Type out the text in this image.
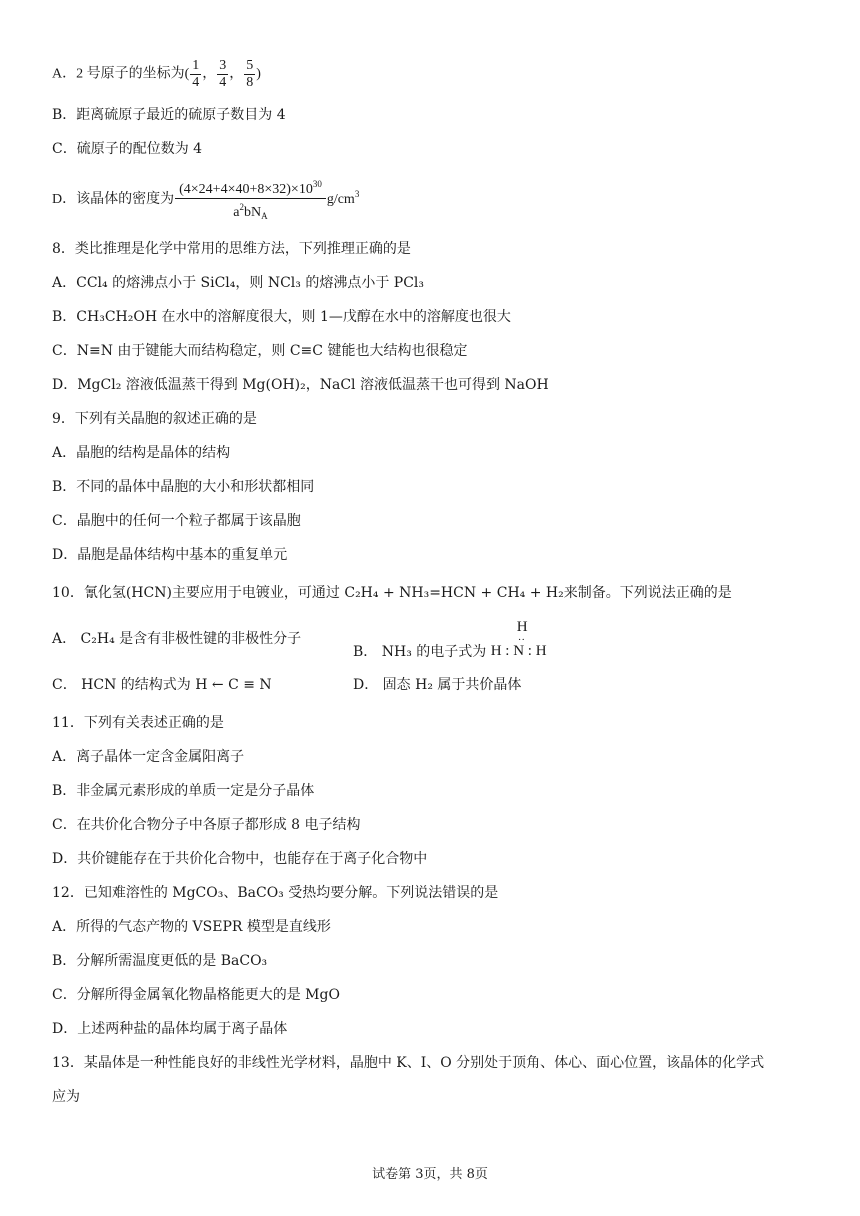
A．2 号原子的坐标为( $\frac{1}{4}$ ， $\frac{3}{4}$ ， $\frac{5}{8}$ )
B．距离硫原子最近的硫原子数目为 4
C．硫原子的配位数为 4
D．该晶体的密度为 $\frac{(4\times 24+4\times 40+8\times 32)\times 10^{30}}{a^2bN_A} g/cm^3$
8．类比推理是化学中常用的思维方法，下列推理正确的是
A．CCl₄ 的熔沸点小于 SiCl₄，则 NCl₃ 的熔沸点小于 PCl₃
B．CH₃CH₂OH 在水中的溶解度很大，则 1—戊醇在水中的溶解度也很大
C．N≡N 由于键能大而结构稳定，则 C≡C 键能也大结构也很稳定
D．MgCl₂ 溶液低温蒸干得到 Mg(OH)₂，NaCl 溶液低温蒸干也可得到 NaOH
9．下列有关晶胞的叙述正确的是
A．晶胞的结构是晶体的结构
B．不同的晶体中晶胞的大小和形状都相同
C．晶胞中的任何一个粒子都属于该晶胞
D．晶胞是晶体结构中基本的重复单元
10．氰化氢(HCN)主要应用于电镀业，可通过 C₂H₄ + NH₃=HCN + CH₄ + H₂来制备。下列说法正确的是
A． C₂H₄ 是含有非极性键的非极性分子
B． NH₃ 的电子式为
H
··
H : N : H
C． HCN 的结构式为 H ← C ≡ N	D． 固态 H₂ 属于共价晶体
11．下列有关表述正确的是
A．离子晶体一定含金属阳离子
B．非金属元素形成的单质一定是分子晶体
C．在共价化合物分子中各原子都形成 8 电子结构
D．共价键能存在于共价化合物中，也能存在于离子化合物中
12．已知难溶性的 MgCO₃、BaCO₃ 受热均要分解。下列说法错误的是
A．所得的气态产物的 VSEPR 模型是直线形
B．分解所需温度更低的是 BaCO₃
C．分解所得金属氧化物晶格能更大的是 MgO
D．上述两种盐的晶体均属于离子晶体
13．某晶体是一种性能良好的非线性光学材料，晶胞中 K、I、O 分别处于顶角、体心、面心位置，该晶体的化学式
应为
试卷第 3页，共 8页
